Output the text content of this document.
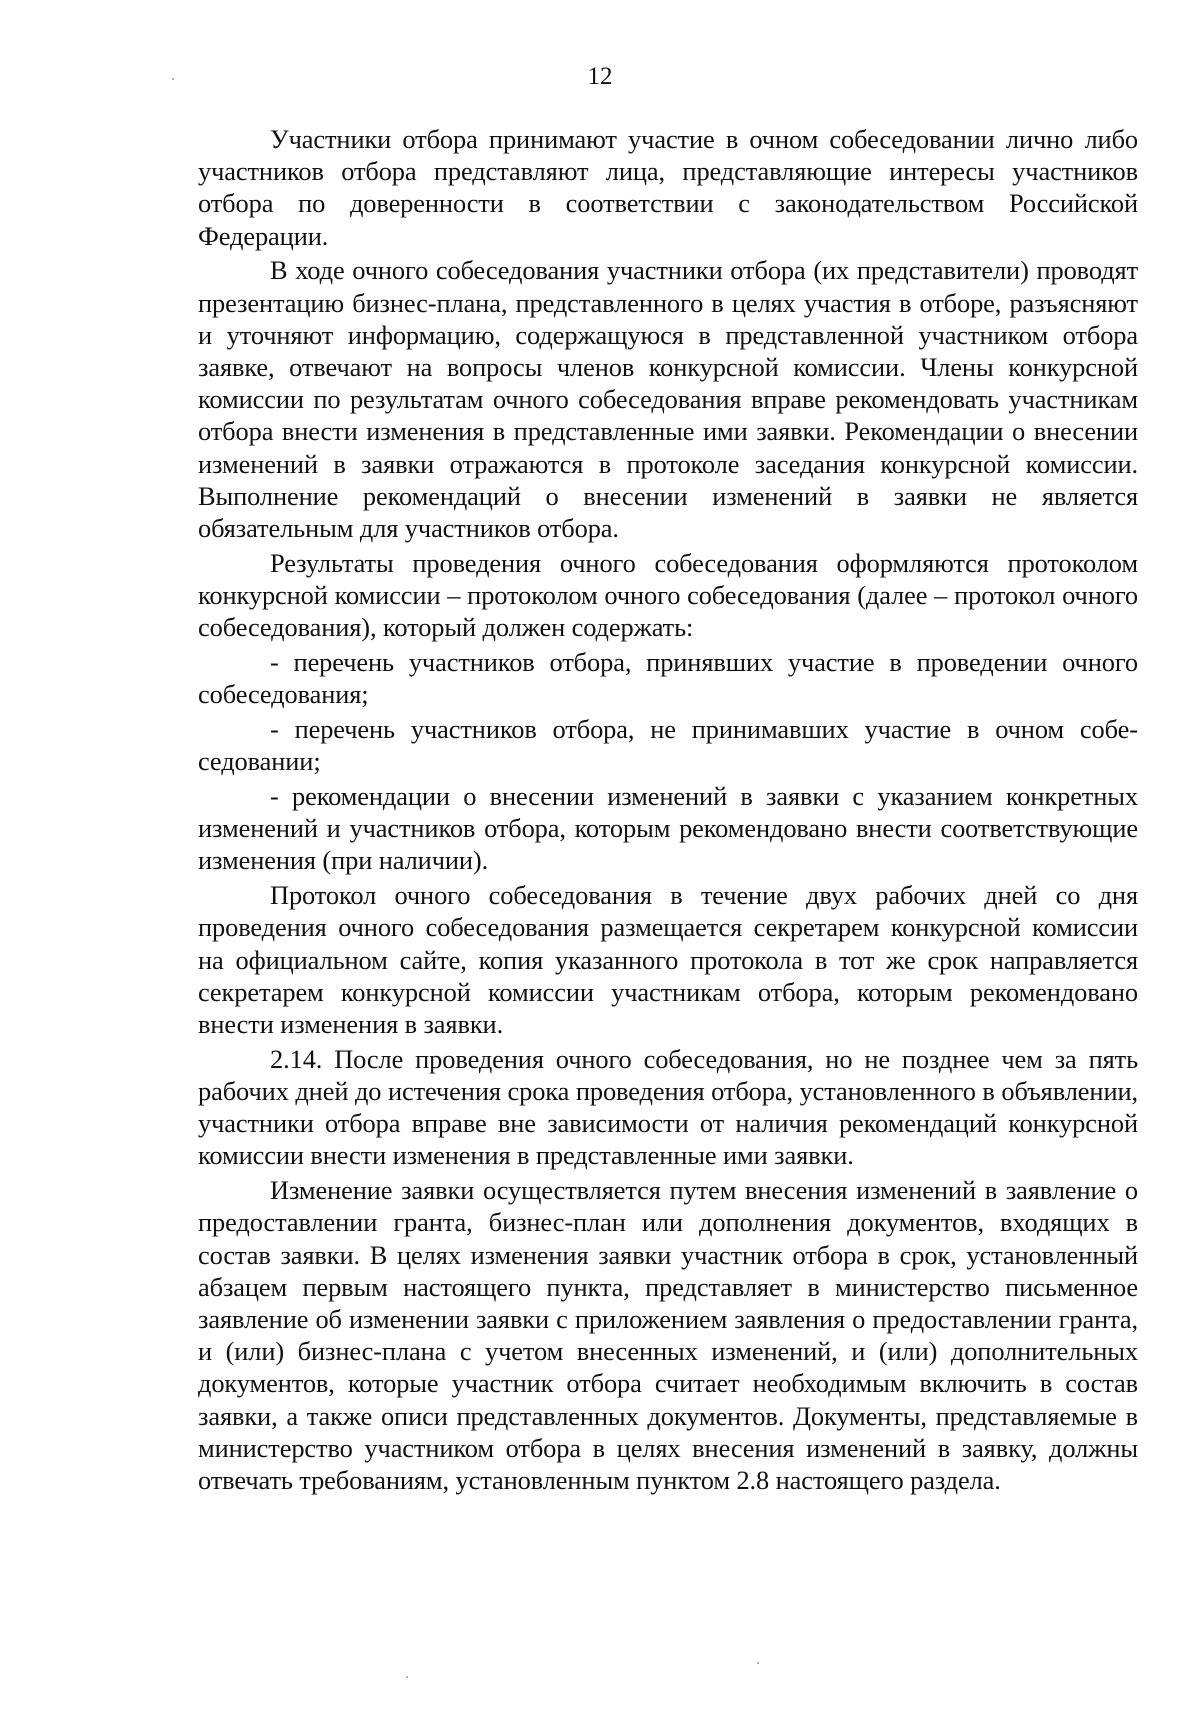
12

Участники отбора принимают участие в очном собеседовании лично либо участников отбора представляют лица, представляющие интересы участников отбора по доверенности в соответствии с законодательством Российской Федерации.

В ходе очного собеседования участники отбора (их представители) проводят презентацию бизнес-плана, представленного в целях участия в отборе, разъясняют и уточняют информацию, содержащуюся в представленной участником отбора заявке, отвечают на вопросы членов конкурсной комиссии. Члены конкурсной комиссии по результатам очного собеседования вправе рекомендовать участникам отбора внести изменения в представленные ими заявки. Рекомендации о внесении изменений в заявки отражаются в протоколе заседания конкурсной комиссии. Выполнение рекомендаций о внесении изменений в заявки не является обязательным для участников отбора.

Результаты проведения очного собеседования оформляются протоколом конкурсной комиссии – протоколом очного собеседования (далее – протокол очного собеседования), который должен содержать:

- перечень участников отбора, принявших участие в проведении очного собеседования;

- перечень участников отбора, не принимавших участие в очном собеседовании;

- рекомендации о внесении изменений в заявки с указанием конкретных изменений и участников отбора, которым рекомендовано внести соответствующие изменения (при наличии).

Протокол очного собеседования в течение двух рабочих дней со дня проведения очного собеседования размещается секретарем конкурсной комиссии на официальном сайте, копия указанного протокола в тот же срок направляется секретарем конкурсной комиссии участникам отбора, которым рекомендовано внести изменения в заявки.

2.14. После проведения очного собеседования, но не позднее чем за пять рабочих дней до истечения срока проведения отбора, установленного в объявлении, участники отбора вправе вне зависимости от наличия рекомендаций конкурсной комиссии внести изменения в представленные ими заявки.

Изменение заявки осуществляется путем внесения изменений в заявление о предоставлении гранта, бизнес-план или дополнения документов, входящих в состав заявки. В целях изменения заявки участник отбора в срок, установленный абзацем первым настоящего пункта, представляет в министерство письменное заявление об изменении заявки с приложением заявления о предоставлении гранта, и (или) бизнес-плана с учетом внесенных изменений, и (или) дополнительных документов, которые участник отбора считает необходимым включить в состав заявки, а также описи представленных документов. Документы, представляемые в министерство участником отбора в целях внесения изменений в заявку, должны отвечать требованиям, установленным пунктом 2.8 настоящего раздела.
